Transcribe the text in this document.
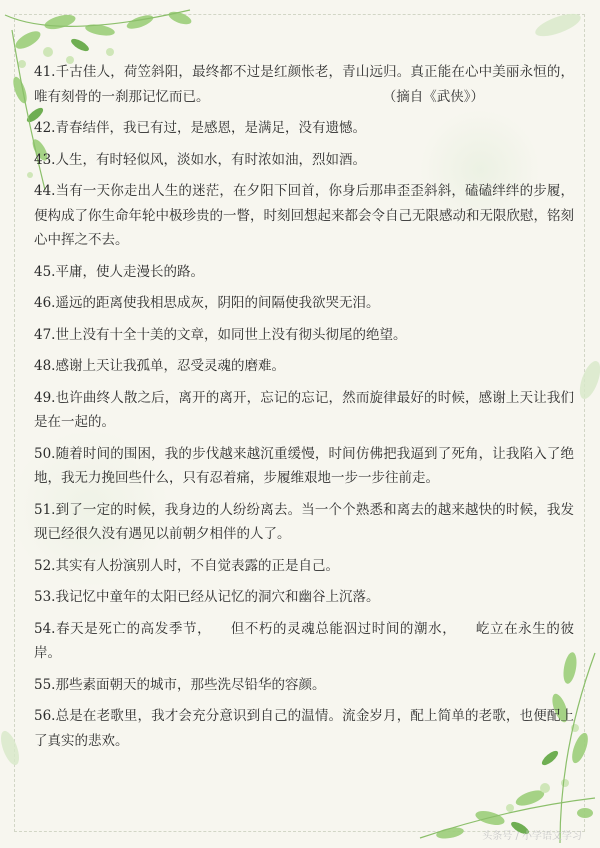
41.千古佳人，荷笠斜阳，最终都不过是红颜怅老，青山远归。真正能在心中美丽永恒的，唯有刻骨的一刹那记忆而已。	（摘自《武侠》）

42.青春结伴，我已有过，是感恩，是满足，没有遗憾。

43.人生，有时轻似风，淡如水，有时浓如油，烈如酒。

44.当有一天你走出人生的迷茫，在夕阳下回首，你身后那串歪歪斜斜，磕磕绊绊的步履，便构成了你生命年轮中极珍贵的一瞥，时刻回想起来都会令自己无限感动和无限欣慰，铭刻心中挥之不去。

45.平庸，使人走漫长的路。

46.遥远的距离使我相思成灰，阴阳的间隔使我欲哭无泪。

47.世上没有十全十美的文章，如同世上没有彻头彻尾的绝望。

48.感谢上天让我孤单，忍受灵魂的磨难。

49.也许曲终人散之后，离开的离开，忘记的忘记，然而旋律最好的时候，感谢上天让我们是在一起的。

50.随着时间的围困，我的步伐越来越沉重缓慢，时间仿佛把我逼到了死角，让我陷入了绝地，我无力挽回些什么，只有忍着痛，步履维艰地一步一步往前走。

51.到了一定的时候，我身边的人纷纷离去。当一个个熟悉和离去的越来越快的时候，我发现已经很久没有遇见以前朝夕相伴的人了。

52.其实有人扮演别人时，不自觉表露的正是自己。

53.我记忆中童年的太阳已经从记忆的洞穴和幽谷上沉落。

54.春天是死亡的高发季节，    但不朽的灵魂总能泅过时间的潮水，    屹立在永生的彼岸。

55.那些素面朝天的城市，那些洗尽铅华的容颜。

56.总是在老歌里，我才会充分意识到自己的温情。流金岁月，配上简单的老歌，也便配上了真实的悲欢。

头条号 / 小学语文学习
